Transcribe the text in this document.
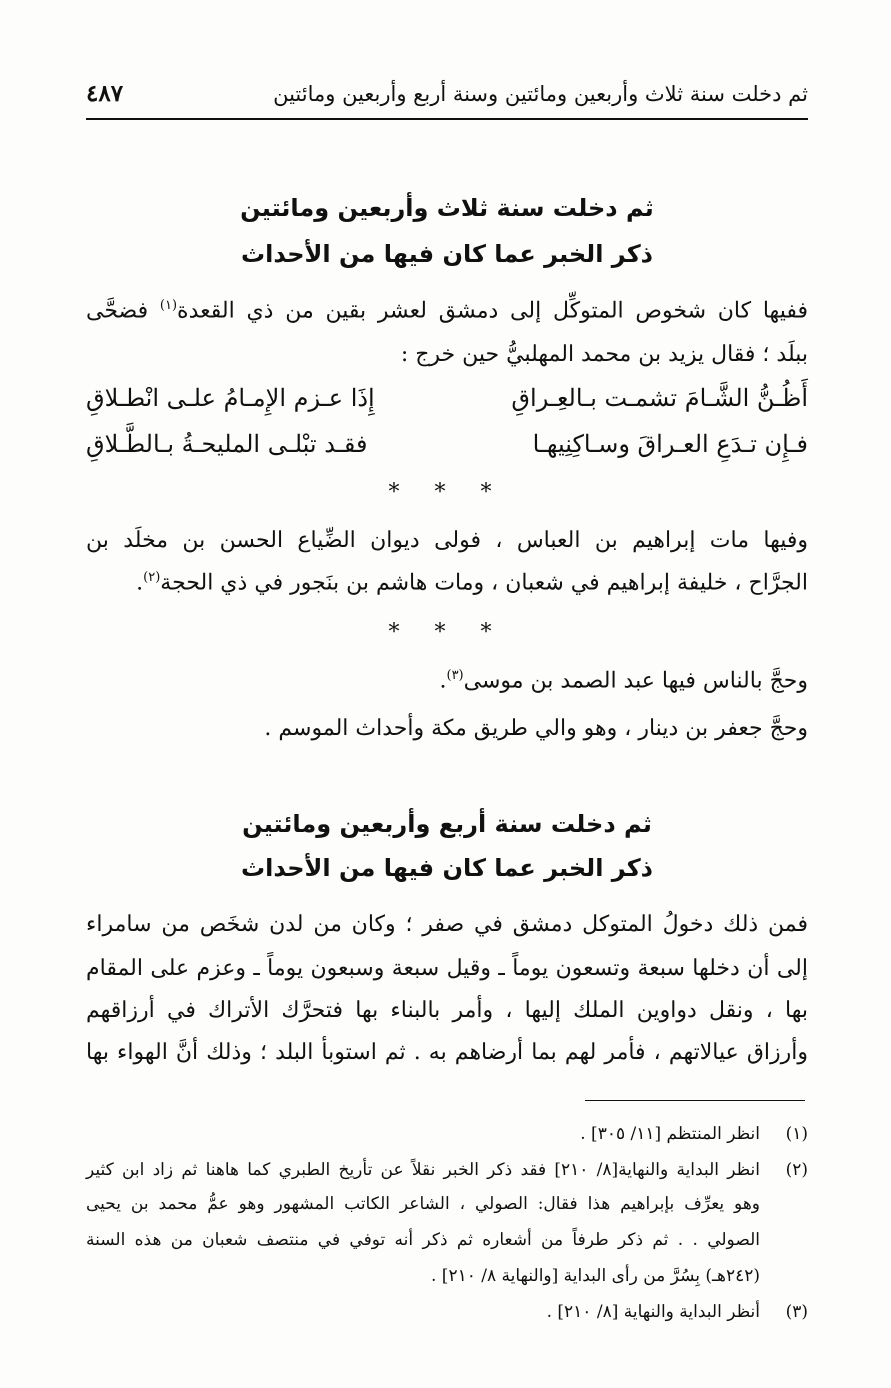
ثم دخلت سنة ثلاث وأربعين ومائتين وسنة أربع وأربعين ومائتين
٤٨٧
ثم دخلت سنة ثلاث وأربعين ومائتين
ذكر الخبر عما كان فيها من الأحداث
ففيها كان شخوص المتوكِّل إلى دمشق لعشر بقين من ذي القعدة$^{(١)}$ فضحَّى
ببلَد ؛ فقال يزيد بن محمد المهلبيُّ حين خرج :
أَظُـنُّ الشَّـامَ تشمـت بـالعِـراقِ
إِذَا عـزم الإِمـامُ علـى انْطـلاقِ
فـإِن تـدَعِ العـراقَ وسـاكِنِيهـا
فقـد تبْلـى المليحـةُ بـالطَّـلاقِ
* * *
وفيها مات إبراهيم بن العباس ، فولى ديوان الضِّياع الحسن بن مخلَد بن
الجرَّاح ، خليفة إبراهيم في شعبان ، ومات هاشم بن بنَجور في ذي الحجة$^{(٢)}$.
* * *
وحجَّ بالناس فيها عبد الصمد بن موسى$^{(٣)}$.
وحجَّ جعفر بن دينار ، وهو والي طريق مكة وأحداث الموسم .
ثم دخلت سنة أربع وأربعين ومائتين
ذكر الخبر عما كان فيها من الأحداث
فمن ذلك دخولُ المتوكل دمشق في صفر ؛ وكان من لدن شخَص من سامراء
إلى أن دخلها سبعة وتسعون يوماً ـ وقيل سبعة وسبعون يوماً ـ وعزم على المقام
بها ، ونقل دواوين الملك إليها ، وأمر بالبناء بها فتحرَّك الأتراك في أرزاقهم
وأرزاق عيالاتهم ، فأمر لهم بما أرضاهم به . ثم استوبأ البلد ؛ وذلك أنَّ الهواء بها
(١)
انظر المنتظم [١١/ ٣٠٥] .
(٢)
انظر البداية والنهاية[٨/ ٢١٠] فقد ذكر الخبر نقلاً عن تأريخ الطبري كما هاهنا ثم زاد ابن كثير
وهو يعرِّف بإبراهيم هذا فقال: الصولي ، الشاعر الكاتب المشهور وهو عمُّ محمد بن يحيى
الصولي . . ثم ذكر طرفاً من أشعاره ثم ذكر أنه توفي في منتصف شعبان من هذه السنة
(٢٤٢هـ) بِسُرَّ من رأى البداية [والنهاية ٨/ ٢١٠] .
(٣)
أنظر البداية والنهاية [٨/ ٢١٠] .
